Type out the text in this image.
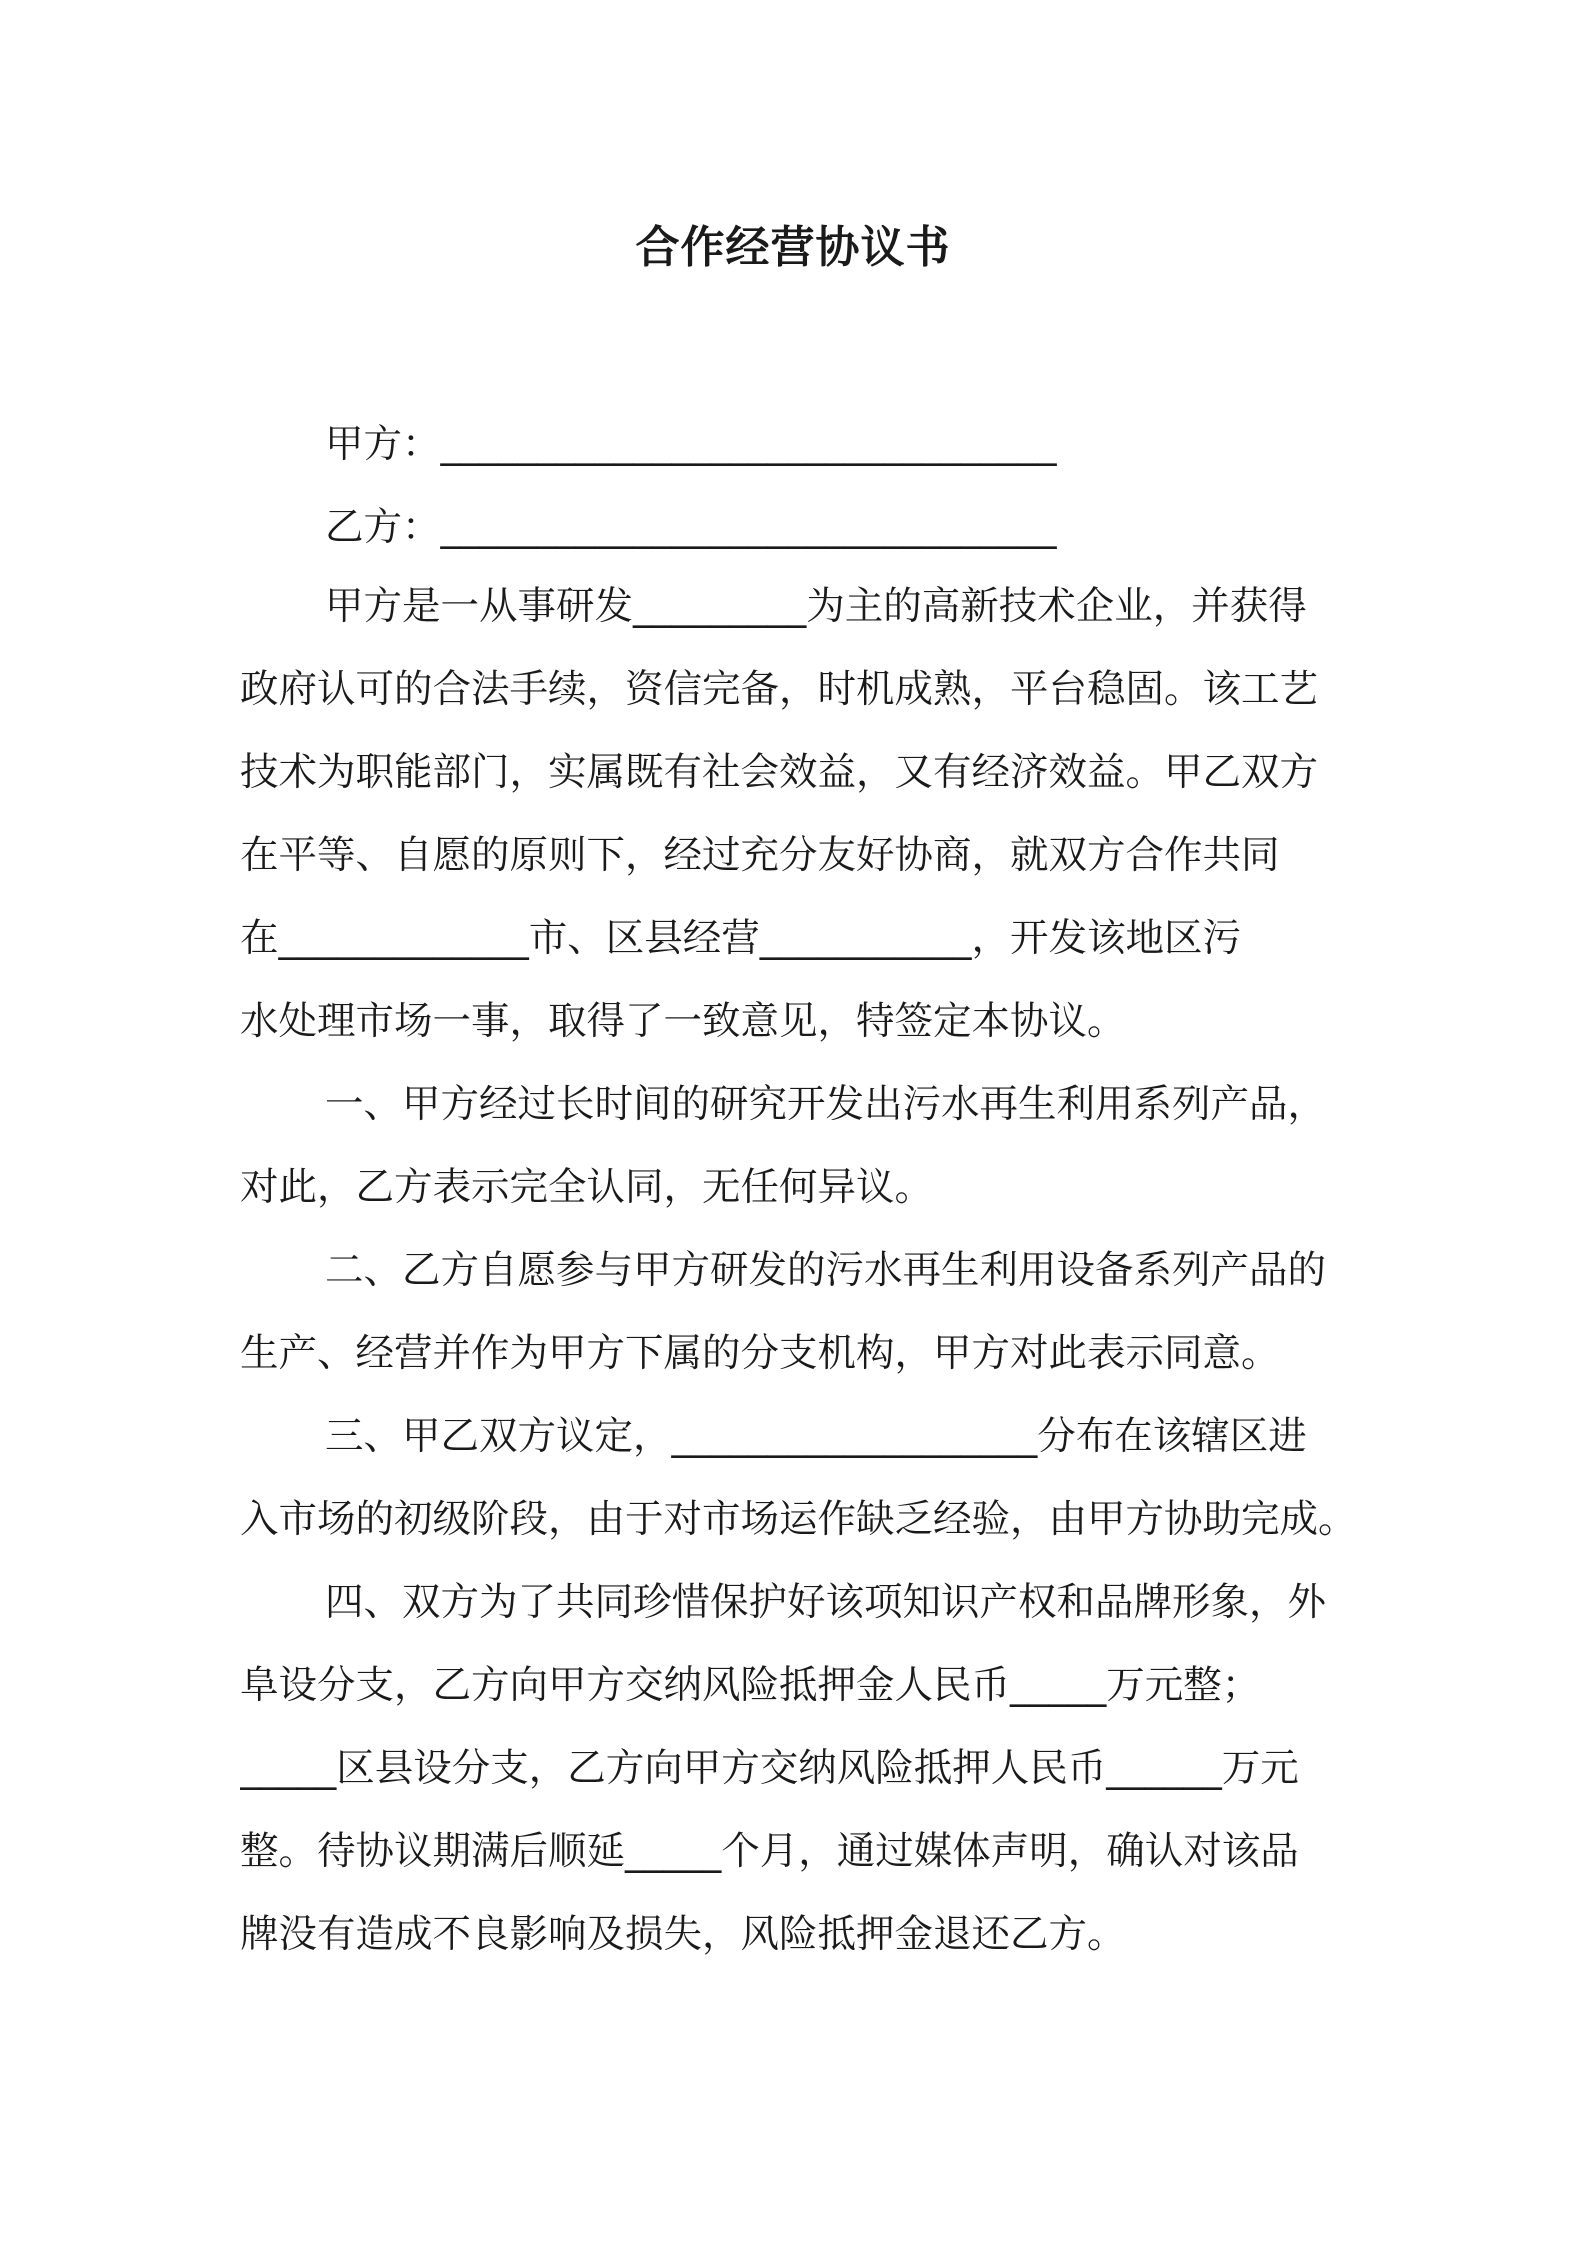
合作经营协议书
甲方：________________________________
乙方：________________________________
甲方是一从事研发_________为主的高新技术企业，并获得
政府认可的合法手续，资信完备，时机成熟，平台稳固。该工艺
技术为职能部门，实属既有社会效益，又有经济效益。甲乙双方
在平等、自愿的原则下，经过充分友好协商，就双方合作共同
在_____________市、区县经营___________，开发该地区污
水处理市场一事，取得了一致意见，特签定本协议。
一、甲方经过长时间的研究开发出污水再生利用系列产品，
对此，乙方表示完全认同，无任何异议。
二、乙方自愿参与甲方研发的污水再生利用设备系列产品的
生产、经营并作为甲方下属的分支机构，甲方对此表示同意。
三、甲乙双方议定，___________________分布在该辖区进
入市场的初级阶段，由于对市场运作缺乏经验，由甲方协助完成。
四、双方为了共同珍惜保护好该项知识产权和品牌形象，外
阜设分支，乙方向甲方交纳风险抵押金人民币_____万元整；
_____区县设分支，乙方向甲方交纳风险抵押人民币______万元
整。待协议期满后顺延_____个月，通过媒体声明，确认对该品
牌没有造成不良影响及损失，风险抵押金退还乙方。
